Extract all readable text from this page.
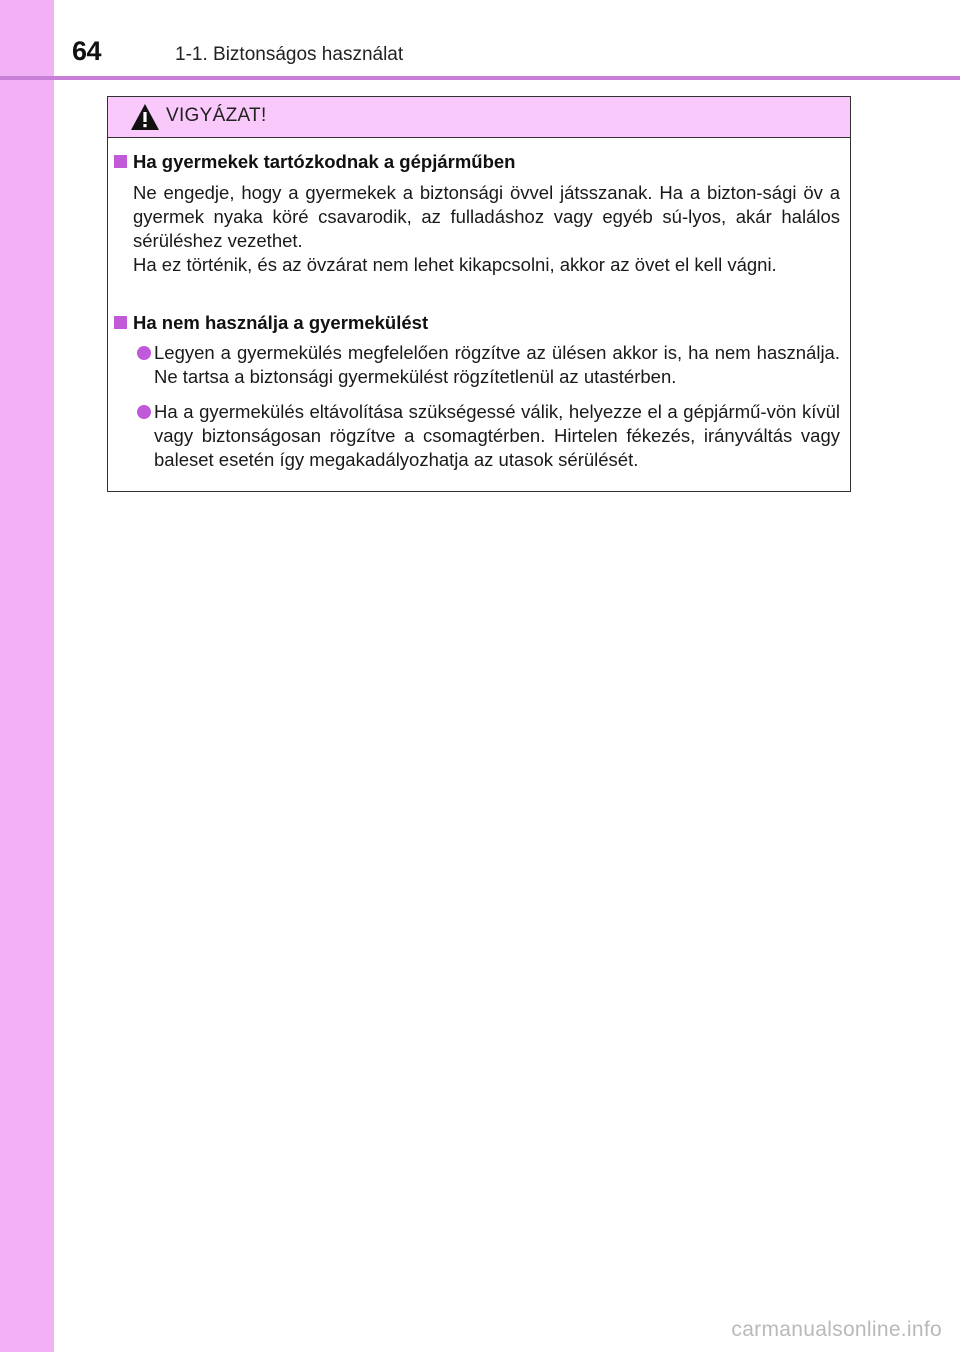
64	1-1. Biztonságos használat
VIGYÁZAT!
Ha gyermekek tartózkodnak a gépjárműben

Ne engedje, hogy a gyermekek a biztonsági övvel játsszanak. Ha a bizton-sági öv a gyermek nyaka köré csavarodik, az fulladáshoz vagy egyéb sú-lyos, akár halálos sérüléshez vezethet.

Ha ez történik, és az övzárat nem lehet kikapcsolni, akkor az övet el kell vágni.

Ha nem használja a gyermekülést

Legyen a gyermekülés megfelelően rögzítve az ülésen akkor is, ha nem használja. Ne tartsa a biztonsági gyermekülést rögzítetlenül az utastérben.

Ha a gyermekülés eltávolítása szükségessé válik, helyezze el a gépjármű-vön kívül vagy biztonságosan rögzítve a csomagtérben. Hirtelen fékezés, irányváltás vagy baleset esetén így megakadályozhatja az utasok sérülését.

carmanualsonline.info
